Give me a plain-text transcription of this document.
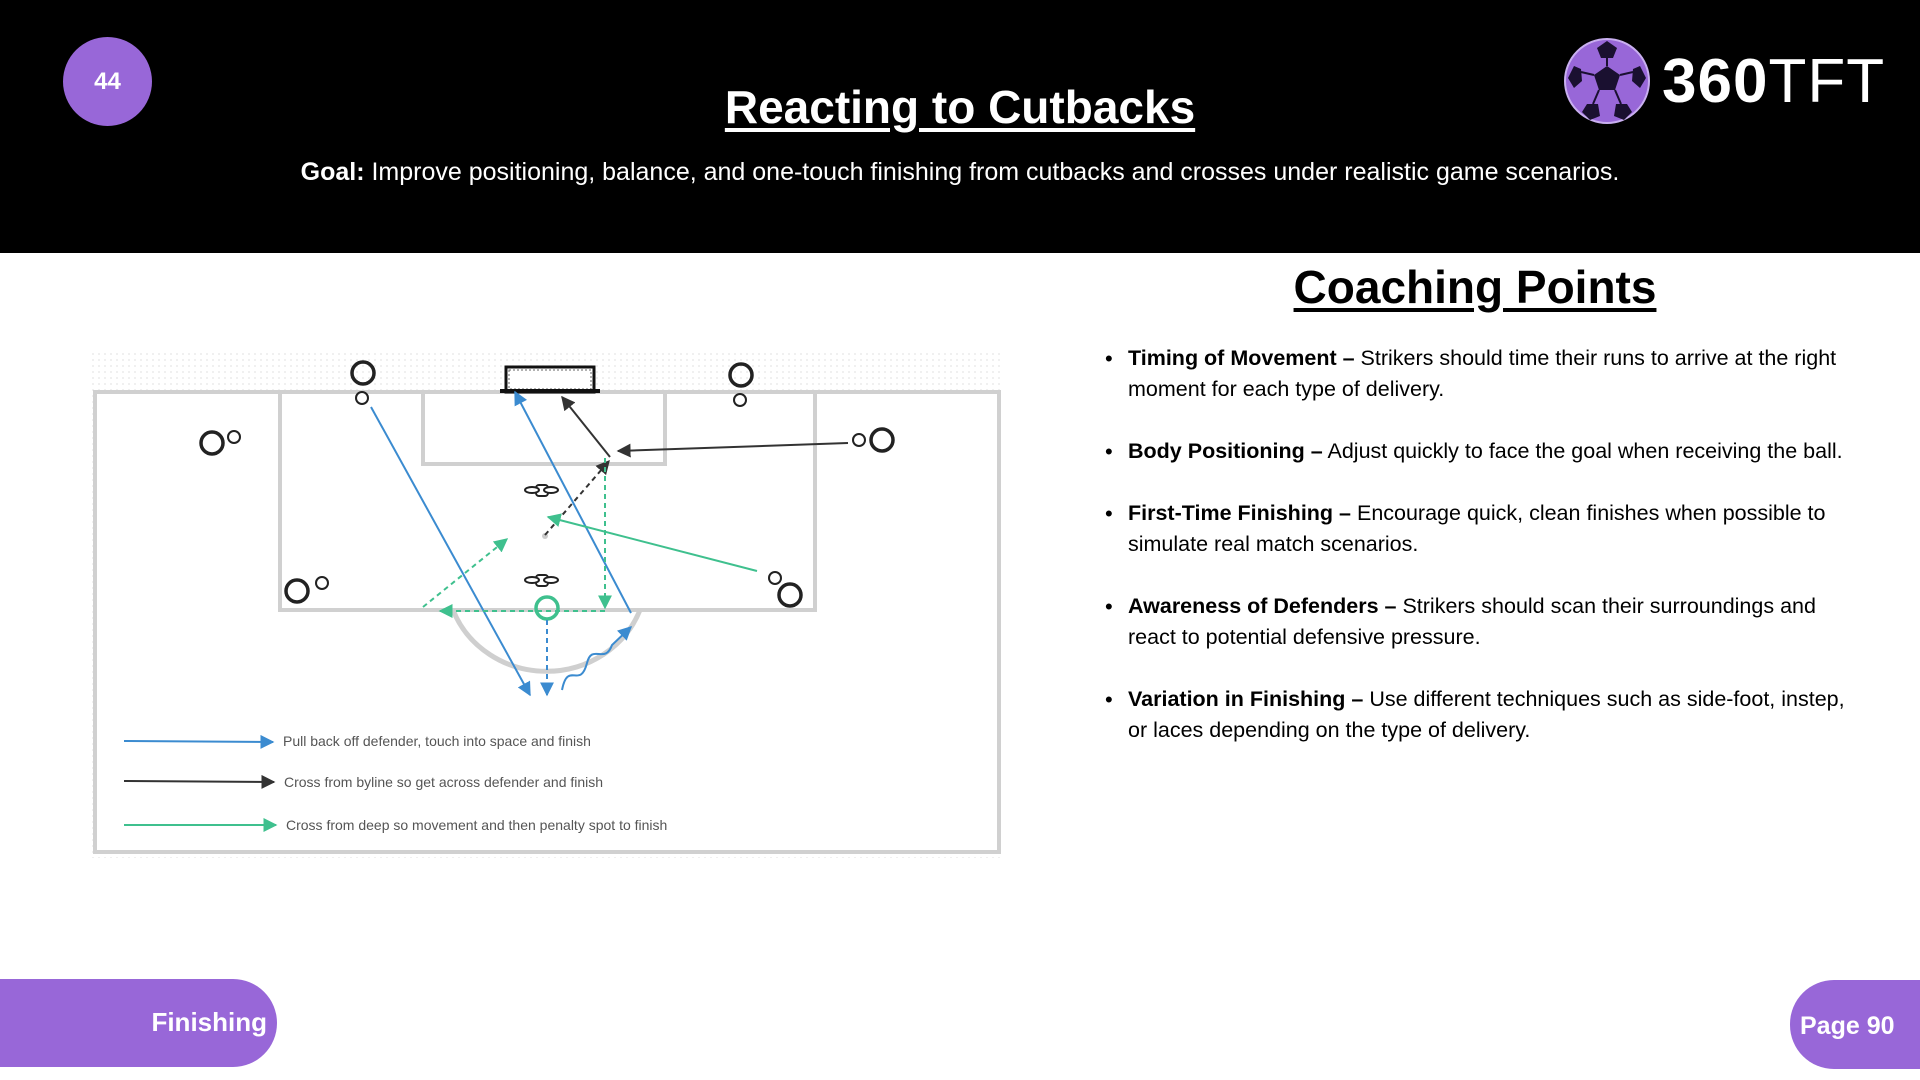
44	Reacting to Cutbacks
Goal: Improve positioning, balance, and one-touch finishing from cutbacks and crosses under realistic game scenarios.
360TFT
Pull back off defender, touch into space and finish
Cross from byline so get across defender and finish
Cross from deep so movement and then penalty spot to finish
Coaching Points
• Timing of Movement – Strikers should time their runs to arrive at the right moment for each type of delivery.
• Body Positioning – Adjust quickly to face the goal when receiving the ball.
• First-Time Finishing – Encourage quick, clean finishes when possible to simulate real match scenarios.
• Awareness of Defenders – Strikers should scan their surroundings and react to potential defensive pressure.
• Variation in Finishing – Use different techniques such as side-foot, instep, or laces depending on the type of delivery.
Finishing	Page 90
